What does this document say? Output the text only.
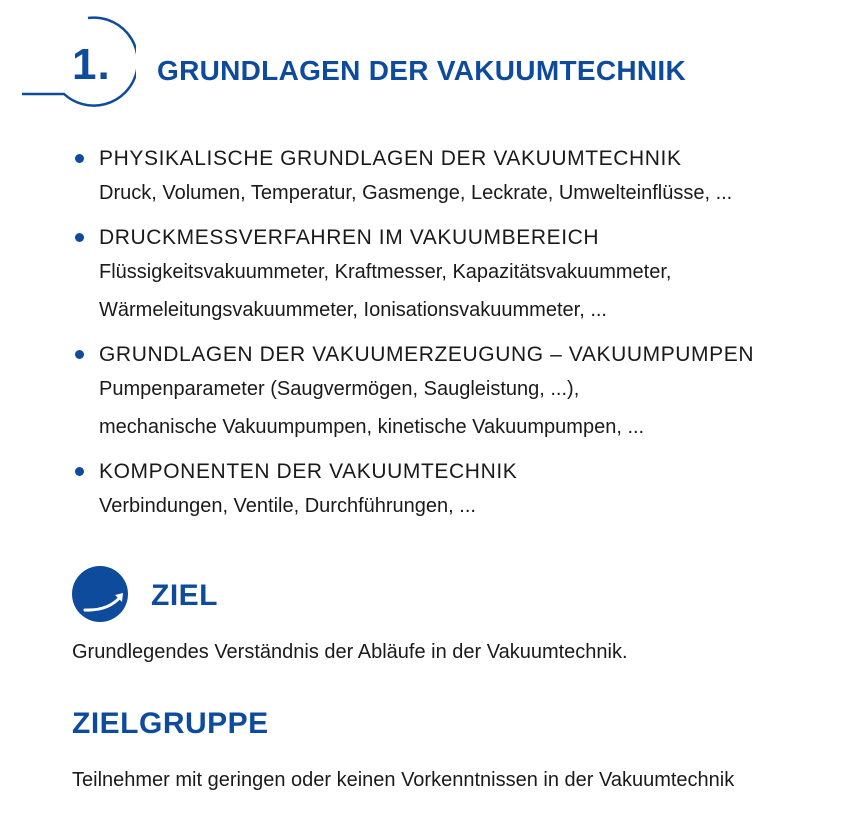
1. GRUNDLAGEN DER VAKUUMTECHNIK
PHYSIKALISCHE GRUNDLAGEN DER VAKUUMTECHNIK
Druck, Volumen, Temperatur, Gasmenge, Leckrate, Umwelteinflüsse, ...
DRUCKMESSVERFAHREN IM VAKUUMBEREICH
Flüssigkeitsvakuummeter, Kraftmesser, Kapazitätsvakuummeter,
Wärmeleitungsvakuummeter, Ionisationsvakuummeter, ...
GRUNDLAGEN DER VAKUUMERZEUGUNG – VAKUUMPUMPEN
Pumpenparameter (Saugvermögen, Saugleistung, ...),
mechanische Vakuumpumpen, kinetische Vakuumpumpen, ...
KOMPONENTEN DER VAKUUMTECHNIK
Verbindungen, Ventile, Durchführungen, ...
ZIEL
Grundlegendes Verständnis der Abläufe in der Vakuumtechnik.
ZIELGRUPPE
Teilnehmer mit geringen oder keinen Vorkenntnissen in der Vakuumtechnik
